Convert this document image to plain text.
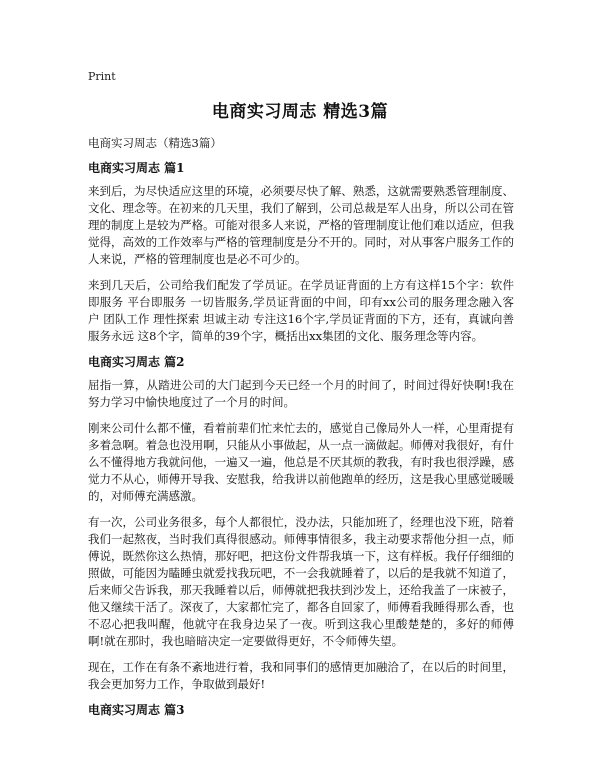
Print
电商实习周志 精选3篇
电商实习周志（精选3篇）
电商实习周志 篇1
来到后，为尽快适应这里的环境，必须要尽快了解、熟悉，这就需要熟悉管理制度、文化、理念等。在初来的几天里，我们了解到，公司总裁是军人出身，所以公司在管理的制度上是较为严格。可能对很多人来说，严格的管理制度让他们难以适应，但我觉得，高效的工作效率与严格的管理制度是分不开的。同时，对从事客户服务工作的人来说，严格的管理制度也是必不可少的。
来到几天后，公司给我们配发了学员证。在学员证背面的上方有这样15个字：软件即服务 平台即服务 一切皆服务,学员证背面的中间，印有xx公司的服务理念融入客户 团队工作 理性探索 坦诚主动 专注这16个字,学员证背面的下方，还有，真诚向善 服务永远 这8个字，简单的39个字，概括出xx集团的文化、服务理念等内容。
电商实习周志 篇2
屈指一算，从踏进公司的大门起到今天已经一个月的时间了，时间过得好快啊!我在努力学习中愉快地度过了一个月的时间。
刚来公司什么都不懂，看着前辈们忙来忙去的，感觉自己像局外人一样，心里甭提有多着急啊。着急也没用啊，只能从小事做起，从一点一滴做起。师傅对我很好，有什么不懂得地方我就问他，一遍又一遍，他总是不厌其烦的教我，有时我也很浮躁，感觉力不从心，师傅开导我、安慰我，给我讲以前他跑单的经历，这是我心里感觉暖暖的，对师傅充满感激。
有一次，公司业务很多，每个人都很忙，没办法，只能加班了，经理也没下班，陪着我们一起熬夜，当时我们真得很感动。师傅事情很多，我主动要求帮他分担一点，师傅说，既然你这么热情，那好吧，把这份文件帮我填一下，这有样板。我仔仔细细的照做，可能因为瞌睡虫就爱找我玩吧，不一会我就睡着了，以后的是我就不知道了，后来师父告诉我，那天我睡着以后，师傅就把我扶到沙发上，还给我盖了一床被子，他又继续干活了。深夜了，大家都忙完了，都各自回家了，师傅看我睡得那么香，也不忍心把我叫醒，他就守在我身边呆了一夜。听到这我心里酸楚楚的，多好的师傅啊!就在那时，我也暗暗决定一定要做得更好，不令师傅失望。
现在，工作在有条不紊地进行着，我和同事们的感情更加融洽了，在以后的时间里，我会更加努力工作，争取做到最好!
电商实习周志 篇3
